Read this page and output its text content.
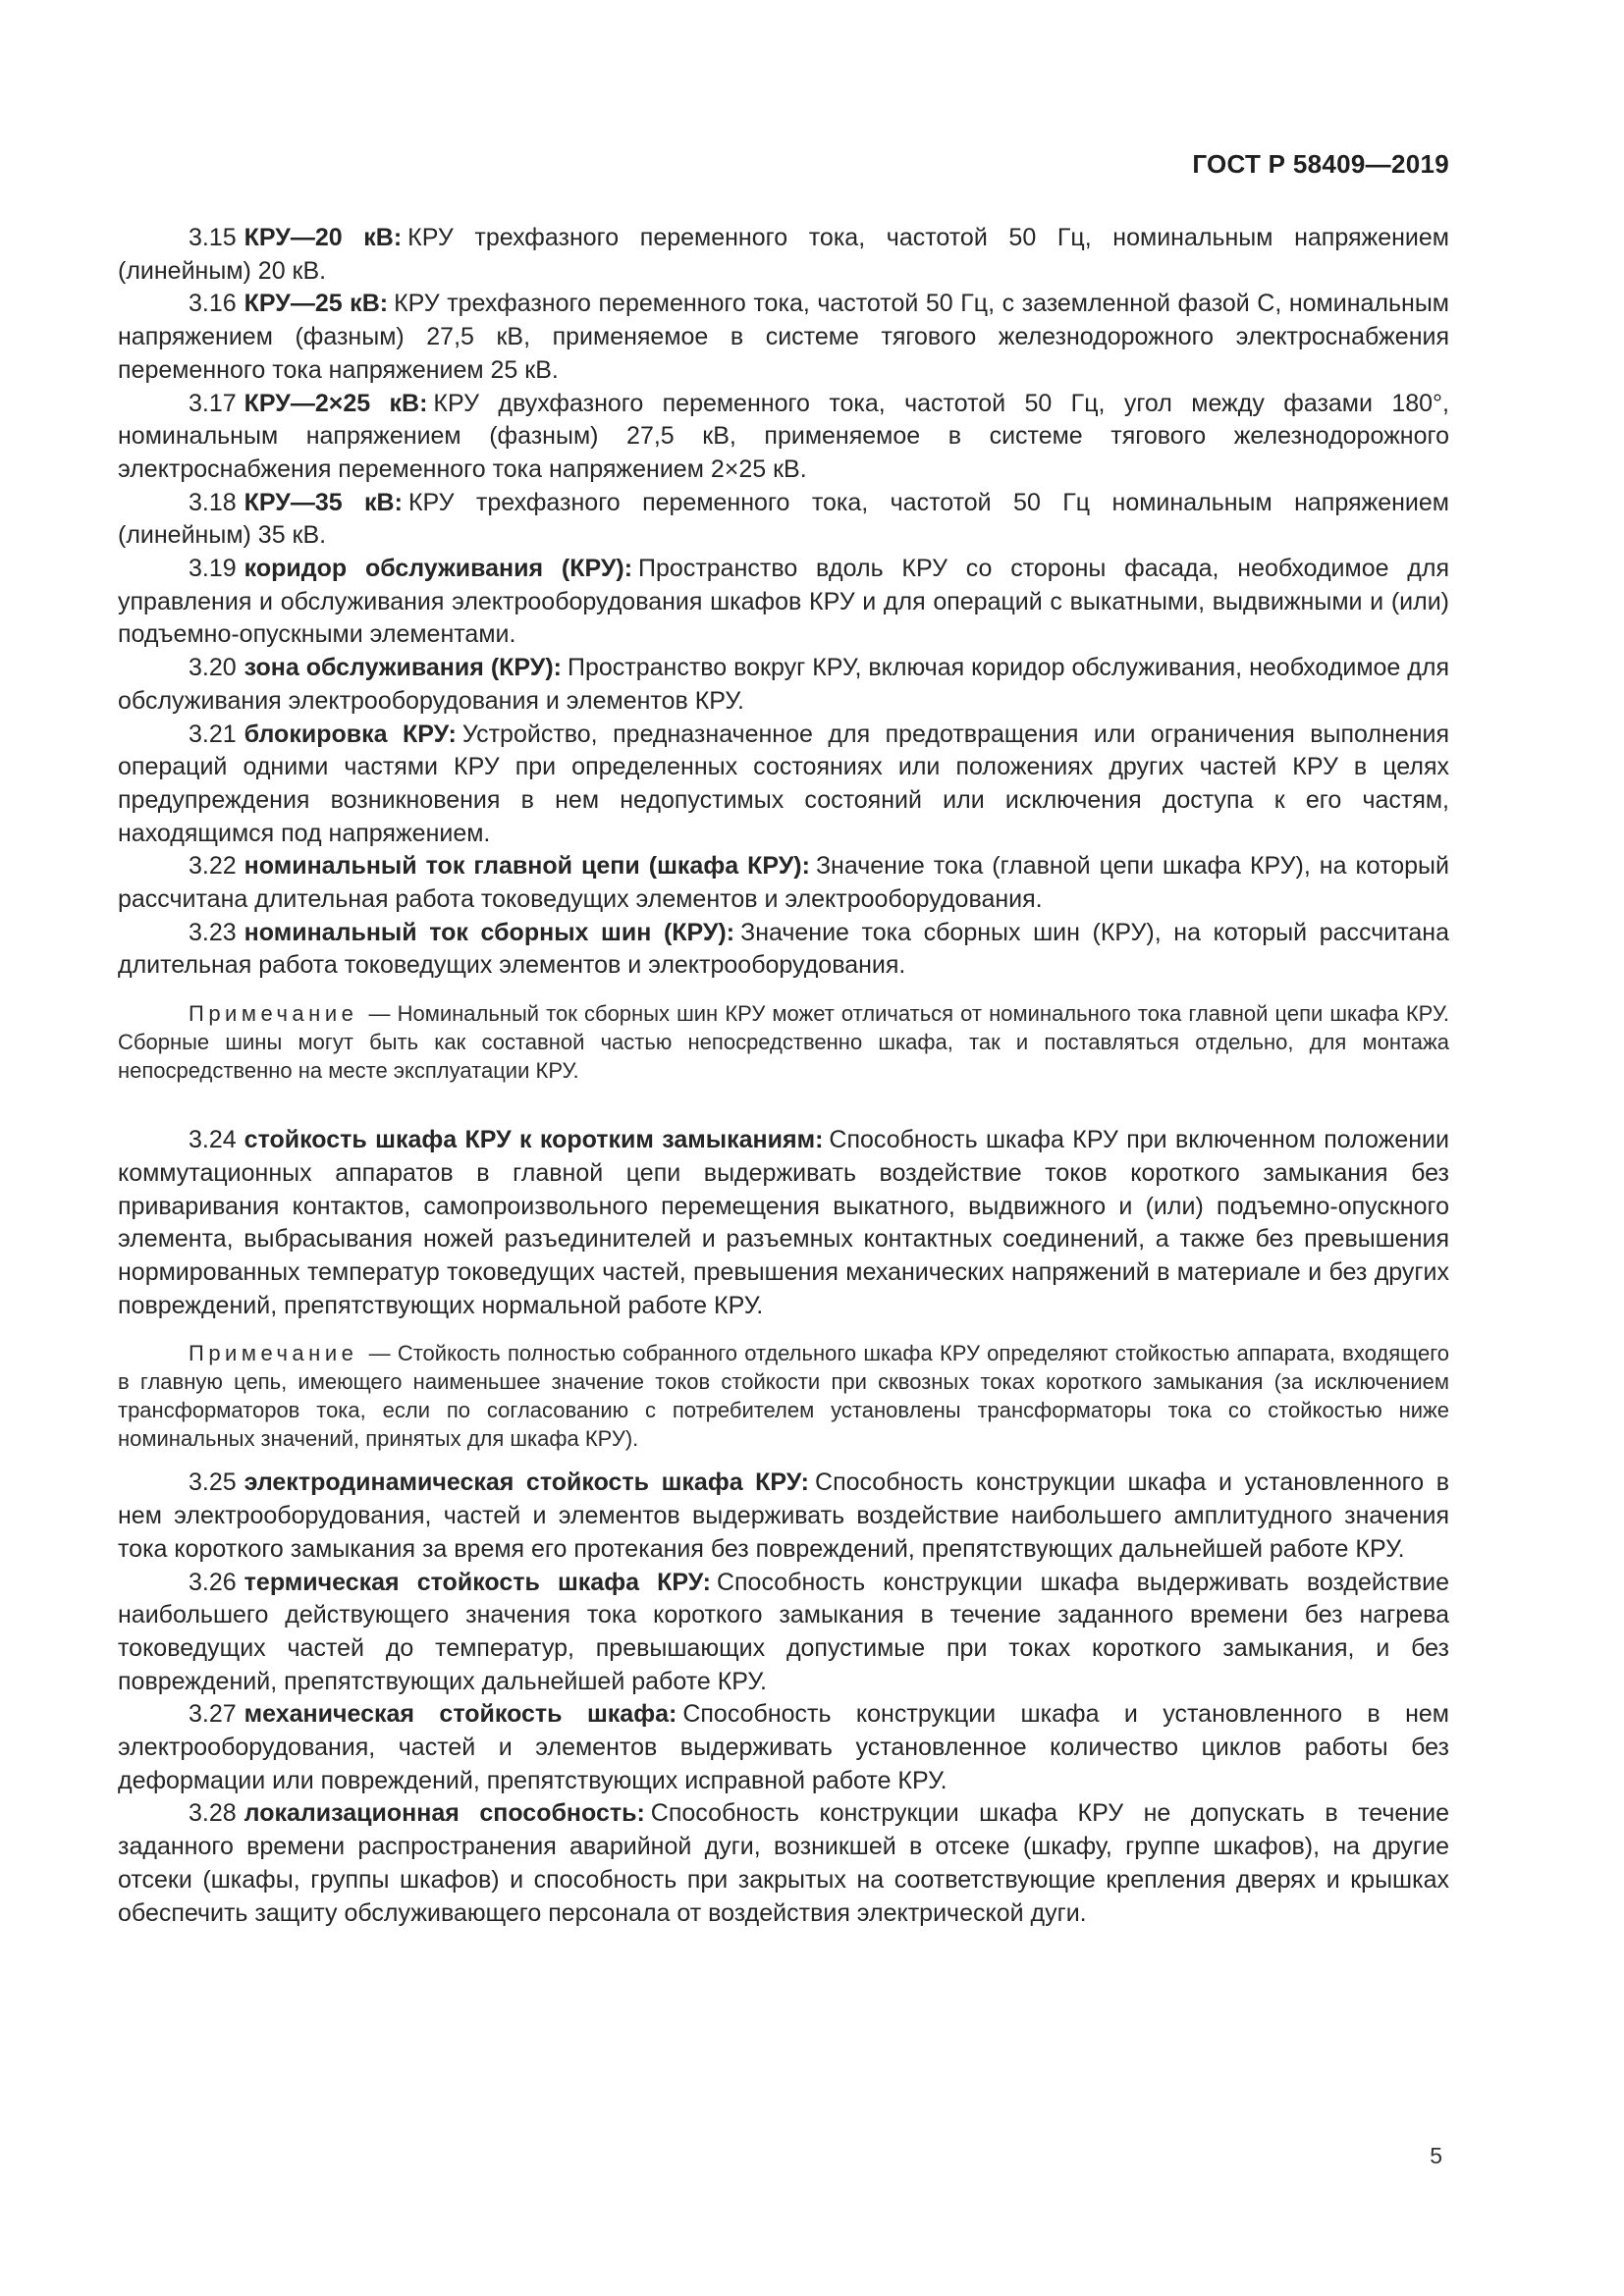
ГОСТ Р 58409—2019

3.15 КРУ—20 кВ: КРУ трехфазного переменного тока, частотой 50 Гц, номинальным напряжением (линейным) 20 кВ.

3.16 КРУ—25 кВ: КРУ трехфазного переменного тока, частотой 50 Гц, с заземленной фазой С, номинальным напряжением (фазным) 27,5 кВ, применяемое в системе тягового железнодорожного электроснабжения переменного тока напряжением 25 кВ.

3.17 КРУ—2×25 кВ: КРУ двухфазного переменного тока, частотой 50 Гц, угол между фазами 180°, номинальным напряжением (фазным) 27,5 кВ, применяемое в системе тягового железнодорожного электроснабжения переменного тока напряжением 2×25 кВ.

3.18 КРУ—35 кВ: КРУ трехфазного переменного тока, частотой 50 Гц номинальным напряжением (линейным) 35 кВ.

3.19 коридор обслуживания (КРУ): Пространство вдоль КРУ со стороны фасада, необходимое для управления и обслуживания электрооборудования шкафов КРУ и для операций с выкатными, выдвижными и (или) подъемно-опускными элементами.

3.20 зона обслуживания (КРУ): Пространство вокруг КРУ, включая коридор обслуживания, необходимое для обслуживания электрооборудования и элементов КРУ.

3.21 блокировка КРУ: Устройство, предназначенное для предотвращения или ограничения выполнения операций одними частями КРУ при определенных состояниях или положениях других частей КРУ в целях предупреждения возникновения в нем недопустимых состояний или исключения доступа к его частям, находящимся под напряжением.

3.22 номинальный ток главной цепи (шкафа КРУ): Значение тока (главной цепи шкафа КРУ), на который рассчитана длительная работа токоведущих элементов и электрооборудования.

3.23 номинальный ток сборных шин (КРУ): Значение тока сборных шин (КРУ), на который рассчитана длительная работа токоведущих элементов и электрооборудования.

Примечание — Номинальный ток сборных шин КРУ может отличаться от номинального тока главной цепи шкафа КРУ. Сборные шины могут быть как составной частью непосредственно шкафа, так и поставляться отдельно, для монтажа непосредственно на месте эксплуатации КРУ.

3.24 стойкость шкафа КРУ к коротким замыканиям: Способность шкафа КРУ при включенном положении коммутационных аппаратов в главной цепи выдерживать воздействие токов короткого замыкания без приваривания контактов, самопроизвольного перемещения выкатного, выдвижного и (или) подъемно-опускного элемента, выбрасывания ножей разъединителей и разъемных контактных соединений, а также без превышения нормированных температур токоведущих частей, превышения механических напряжений в материале и без других повреждений, препятствующих нормальной работе КРУ.

Примечание — Стойкость полностью собранного отдельного шкафа КРУ определяют стойкостью аппарата, входящего в главную цепь, имеющего наименьшее значение токов стойкости при сквозных токах короткого замыкания (за исключением трансформаторов тока, если по согласованию с потребителем установлены трансформаторы тока со стойкостью ниже номинальных значений, принятых для шкафа КРУ).

3.25 электродинамическая стойкость шкафа КРУ: Способность конструкции шкафа и установленного в нем электрооборудования, частей и элементов выдерживать воздействие наибольшего амплитудного значения тока короткого замыкания за время его протекания без повреждений, препятствующих дальнейшей работе КРУ.

3.26 термическая стойкость шкафа КРУ: Способность конструкции шкафа выдерживать воздействие наибольшего действующего значения тока короткого замыкания в течение заданного времени без нагрева токоведущих частей до температур, превышающих допустимые при токах короткого замыкания, и без повреждений, препятствующих дальнейшей работе КРУ.

3.27 механическая стойкость шкафа: Способность конструкции шкафа и установленного в нем электрооборудования, частей и элементов выдерживать установленное количество циклов работы без деформации или повреждений, препятствующих исправной работе КРУ.

3.28 локализационная способность: Способность конструкции шкафа КРУ не допускать в течение заданного времени распространения аварийной дуги, возникшей в отсеке (шкафу, группе шкафов), на другие отсеки (шкафы, группы шкафов) и способность при закрытых на соответствующие крепления дверях и крышках обеспечить защиту обслуживающего персонала от воздействия электрической дуги.

5
